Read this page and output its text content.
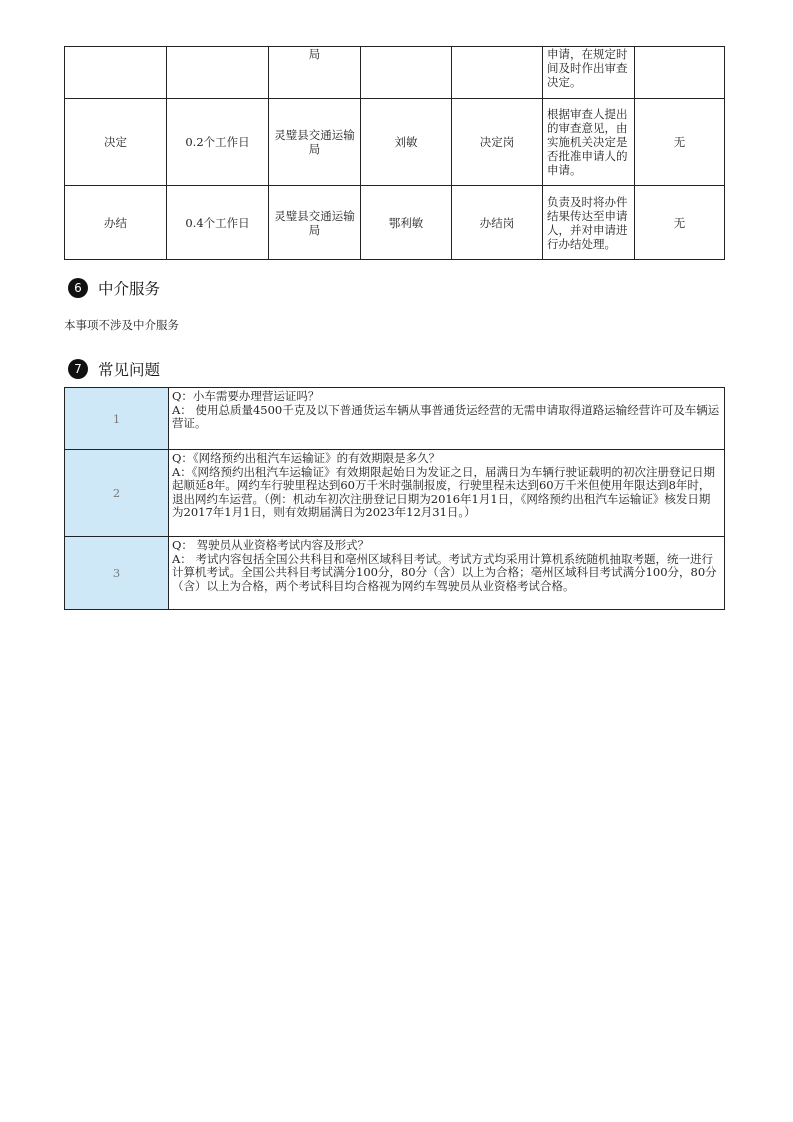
		局			申请，在规定时间及时作出审查决定。	
决定	0.2个工作日	灵璧县交通运输局	刘敏	决定岗	根据审查人提出的审查意见，由实施机关决定是否批准申请人的申请。	无
办结	0.4个工作日	灵璧县交通运输局	鄂利敏	办结岗	负责及时将办件结果传达至申请人，并对申请进行办结处理。	无
6	中介服务
本事项不涉及中介服务
7	常见问题
1	Q：小车需要办理营运证吗？
A： 使用总质量4500千克及以下普通货运车辆从事普通货运经营的无需申请取得道路运输经营许可及车辆运营证。

2	Q：《网络预约出租汽车运输证》的有效期限是多久？
A：《网络预约出租汽车运输证》有效期限起始日为发证之日，届满日为车辆行驶证载明的初次注册登记日期起顺延8年。网约车行驶里程达到60万千米时强制报废，行驶里程未达到60万千米但使用年限达到8年时，退出网约车运营。（例：机动车初次注册登记日期为2016年1月1日，《网络预约出租汽车运输证》核发日期为2017年1月1日，则有效期届满日为2023年12月31日。）

3	Q： 驾驶员从业资格考试内容及形式？
A： 考试内容包括全国公共科目和亳州区域科目考试。考试方式均采用计算机系统随机抽取考题，统一进行计算机考试。全国公共科目考试满分100分，80分（含）以上为合格；亳州区域科目考试满分100分，80分（含）以上为合格，两个考试科目均合格视为网约车驾驶员从业资格考试合格。
